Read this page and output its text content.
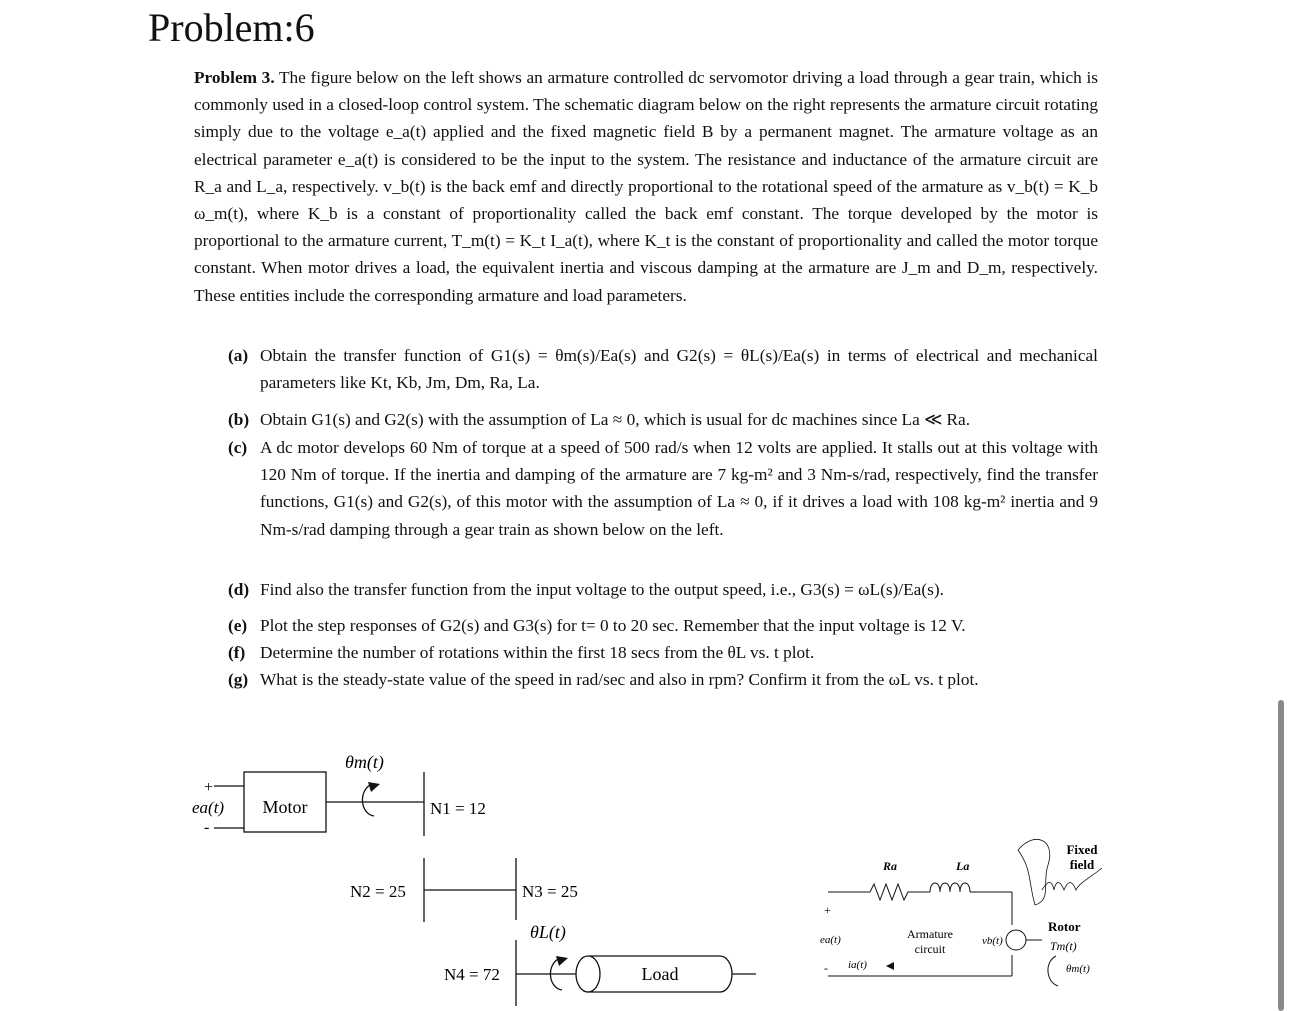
Problem:6
Problem 3. The figure below on the left shows an armature controlled dc servomotor driving a load through a gear train, which is commonly used in a closed-loop control system. The schematic diagram below on the right represents the armature circuit rotating simply due to the voltage e_a(t) applied and the fixed magnetic field B by a permanent magnet. The armature voltage as an electrical parameter e_a(t) is considered to be the input to the system. The resistance and inductance of the armature circuit are R_a and L_a, respectively. v_b(t) is the back emf and directly proportional to the rotational speed of the armature as v_b(t) = K_b ω_m(t), where K_b is a constant of proportionality called the back emf constant. The torque developed by the motor is proportional to the armature current, T_m(t) = K_t I_a(t), where K_t is the constant of proportionality and called the motor torque constant. When motor drives a load, the equivalent inertia and viscous damping at the armature are J_m and D_m, respectively. These entities include the corresponding armature and load parameters.
(a) Obtain the transfer function of G1(s) = θm(s)/Ea(s) and G2(s) = θL(s)/Ea(s) in terms of electrical and mechanical parameters like Kt, Kb, Jm, Dm, Ra, La.
(b) Obtain G1(s) and G2(s) with the assumption of La ≈ 0, which is usual for dc machines since La ≪ Ra.
(c) A dc motor develops 60 Nm of torque at a speed of 500 rad/s when 12 volts are applied. It stalls out at this voltage with 120 Nm of torque. If the inertia and damping of the armature are 7 kg-m² and 3 Nm-s/rad, respectively, find the transfer functions, G1(s) and G2(s), of this motor with the assumption of La ≈ 0, if it drives a load with 108 kg-m² inertia and 9 Nm-s/rad damping through a gear train as shown below on the left.
(d) Find also the transfer function from the input voltage to the output speed, i.e., G3(s) = ωL(s)/Ea(s).
(e) Plot the step responses of G2(s) and G3(s) for t= 0 to 20 sec. Remember that the input voltage is 12 V.
(f) Determine the number of rotations within the first 18 secs from the θL vs. t plot.
(g) What is the steady-state value of the speed in rad/sec and also in rpm? Confirm it from the ωL vs. t plot.
θm(t)
+
ea(t)
-
Motor	N1 = 12
N2 = 25	N3 = 25
θL(t)
N4 = 72	Load
Ra	La
+
ea(t)
- ia(t)
Armature
circuit
vb(t)
Fixed
field
Rotor
Tm(t)
θm(t)
